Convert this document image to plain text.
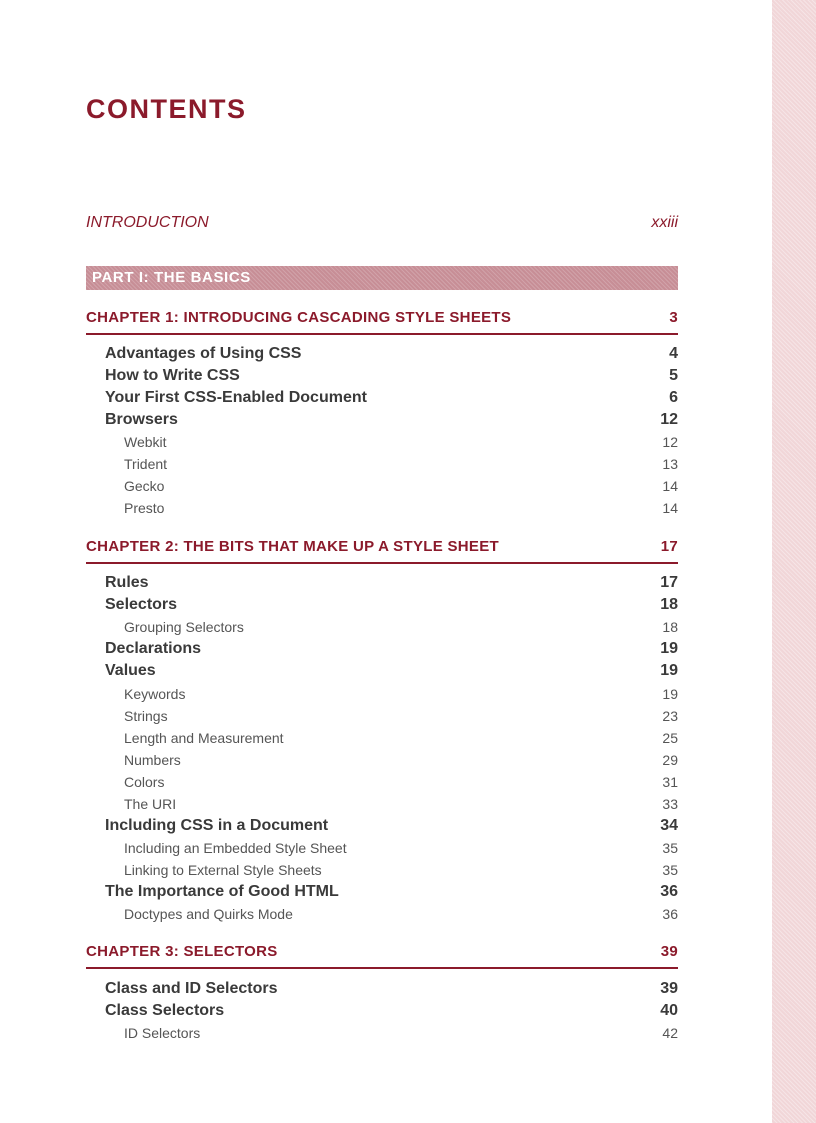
CONTENTS
INTRODUCTION	xxiii
PART I: THE BASICS
CHAPTER 1: INTRODUCING CASCADING STYLE SHEETS	3
Advantages of Using CSS	4
How to Write CSS	5
Your First CSS-Enabled Document	6
Browsers	12
Webkit	12
Trident	13
Gecko	14
Presto	14
CHAPTER 2: THE BITS THAT MAKE UP A STYLE SHEET	17
Rules	17
Selectors	18
Grouping Selectors	18
Declarations	19
Values	19
Keywords	19
Strings	23
Length and Measurement	25
Numbers	29
Colors	31
The URI	33
Including CSS in a Document	34
Including an Embedded Style Sheet	35
Linking to External Style Sheets	35
The Importance of Good HTML	36
Doctypes and Quirks Mode	36
CHAPTER 3: SELECTORS	39
Class and ID Selectors	39
Class Selectors	40
ID Selectors	42
